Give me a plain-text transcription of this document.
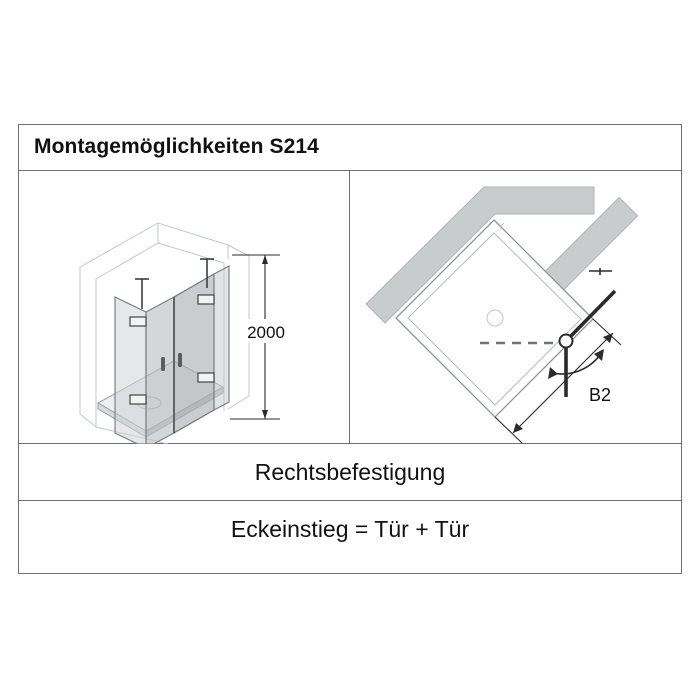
Montagemöglichkeiten S214
2000
B2
Rechtsbefestigung
Eckeinstieg = Tür + Tür
